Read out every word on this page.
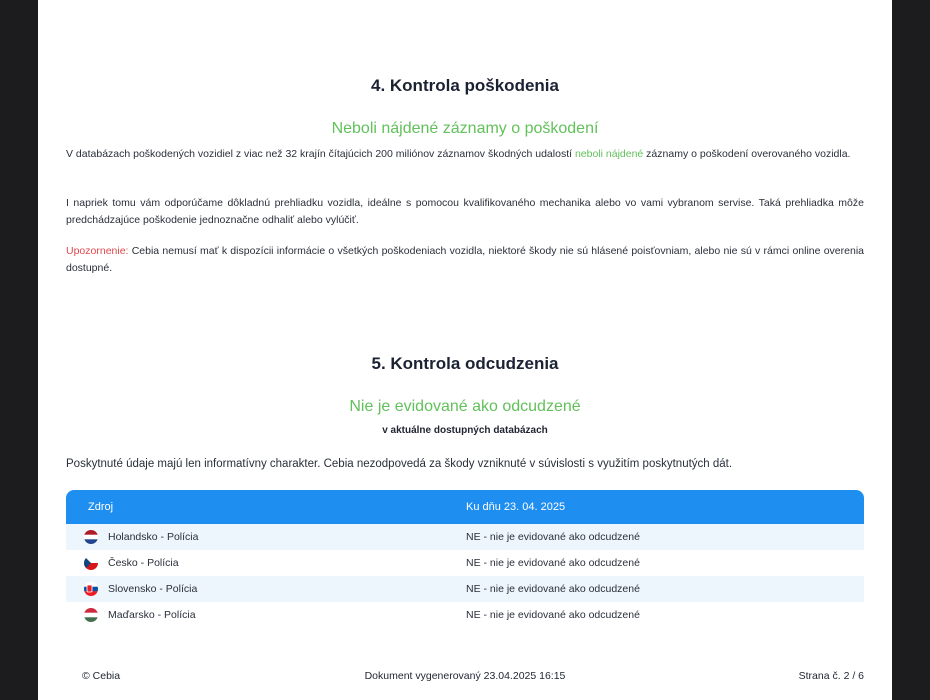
4. Kontrola poškodenia
Neboli nájdené záznamy o poškodení
V databázach poškodených vozidiel z viac než 32 krajín čítajúcich 200 miliónov záznamov škodných udalostí neboli nájdené záznamy o poškodení overovaného vozidla.
I napriek tomu vám odporúčame dôkladnú prehliadku vozidla, ideálne s pomocou kvalifikovaného mechanika alebo vo vami vybranom servise. Taká prehliadka môže predchádzajúce poškodenie jednoznačne odhaliť alebo vylúčiť.
Upozornenie: Cebia nemusí mať k dispozícii informácie o všetkých poškodeniach vozidla, niektoré škody nie sú hlásené poisťovniam, alebo nie sú v rámci online overenia dostupné.
5. Kontrola odcudzenia
Nie je evidované ako odcudzené
v aktuálne dostupných databázach
Poskytnuté údaje majú len informatívny charakter. Cebia nezodpovedá za škody vzniknuté v súvislosti s využitím poskytnutých dát.
Zdroj	Ku dňu 23. 04. 2025
Holandsko - Polícia	NE - nie je evidované ako odcudzené
Česko - Polícia	NE - nie je evidované ako odcudzené
Slovensko - Polícia	NE - nie je evidované ako odcudzené
Maďarsko - Polícia	NE - nie je evidované ako odcudzené
© Cebia	Dokument vygenerovaný 23.04.2025 16:15	Strana č. 2 / 6
